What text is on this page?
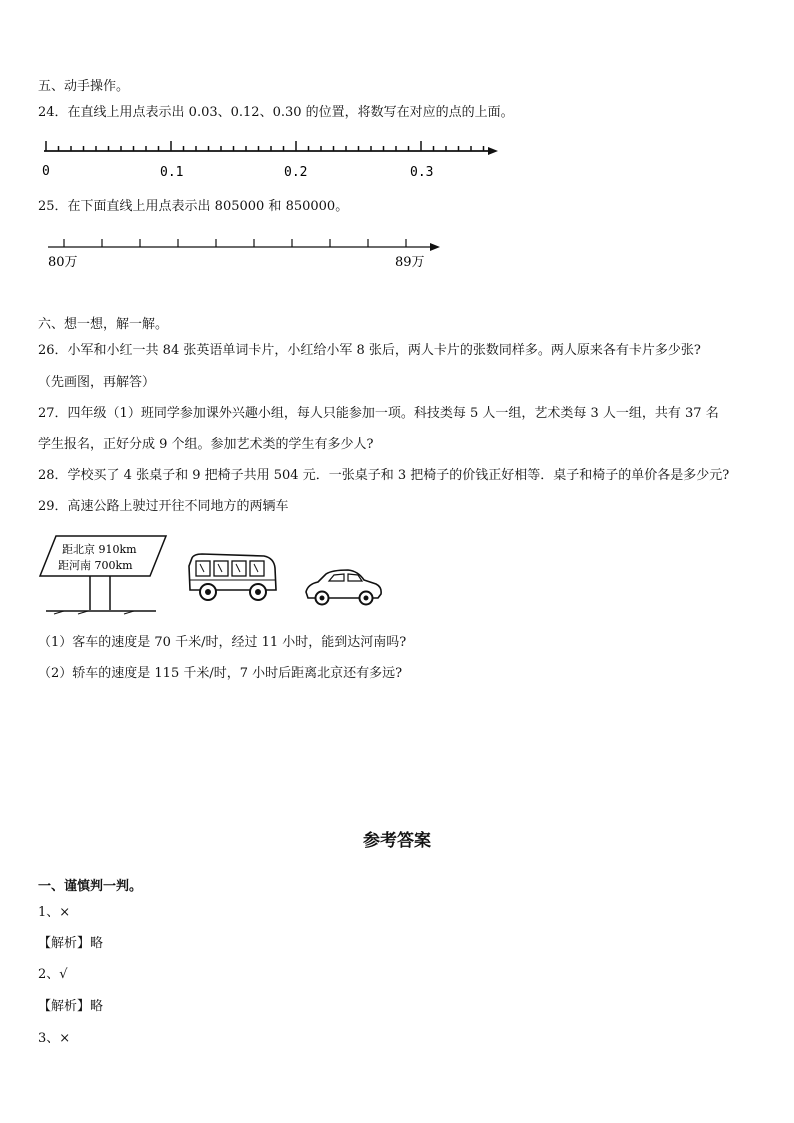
五、动手操作。
24．在直线上用点表示出 0.03、0.12、0.30 的位置，将数写在对应的点的上面。
0	0.1	0.2	0.3
25．在下面直线上用点表示出 805000 和 850000。
80万	89万
六、想一想，解一解。
26．小军和小红一共 84 张英语单词卡片，小红给小军 8 张后，两人卡片的张数同样多。两人原来各有卡片多少张?
（先画图，再解答）
27．四年级（1）班同学参加课外兴趣小组，每人只能参加一项。科技类每 5 人一组，艺术类每 3 人一组，共有 37 名
学生报名，正好分成 9 个组。参加艺术类的学生有多少人?
28．学校买了 4 张桌子和 9 把椅子共用 504 元．一张桌子和 3 把椅子的价钱正好相等．桌子和椅子的单价各是多少元?
29．高速公路上驶过开往不同地方的两辆车
距北京 910km
距河南 700km
（1）客车的速度是 70 千米/时，经过 11 小时，能到达河南吗?
（2）轿车的速度是 115 千米/时，7 小时后距离北京还有多远?
参考答案
一、谨慎判一判。
1、×
【解析】略
2、√
【解析】略
3、×
